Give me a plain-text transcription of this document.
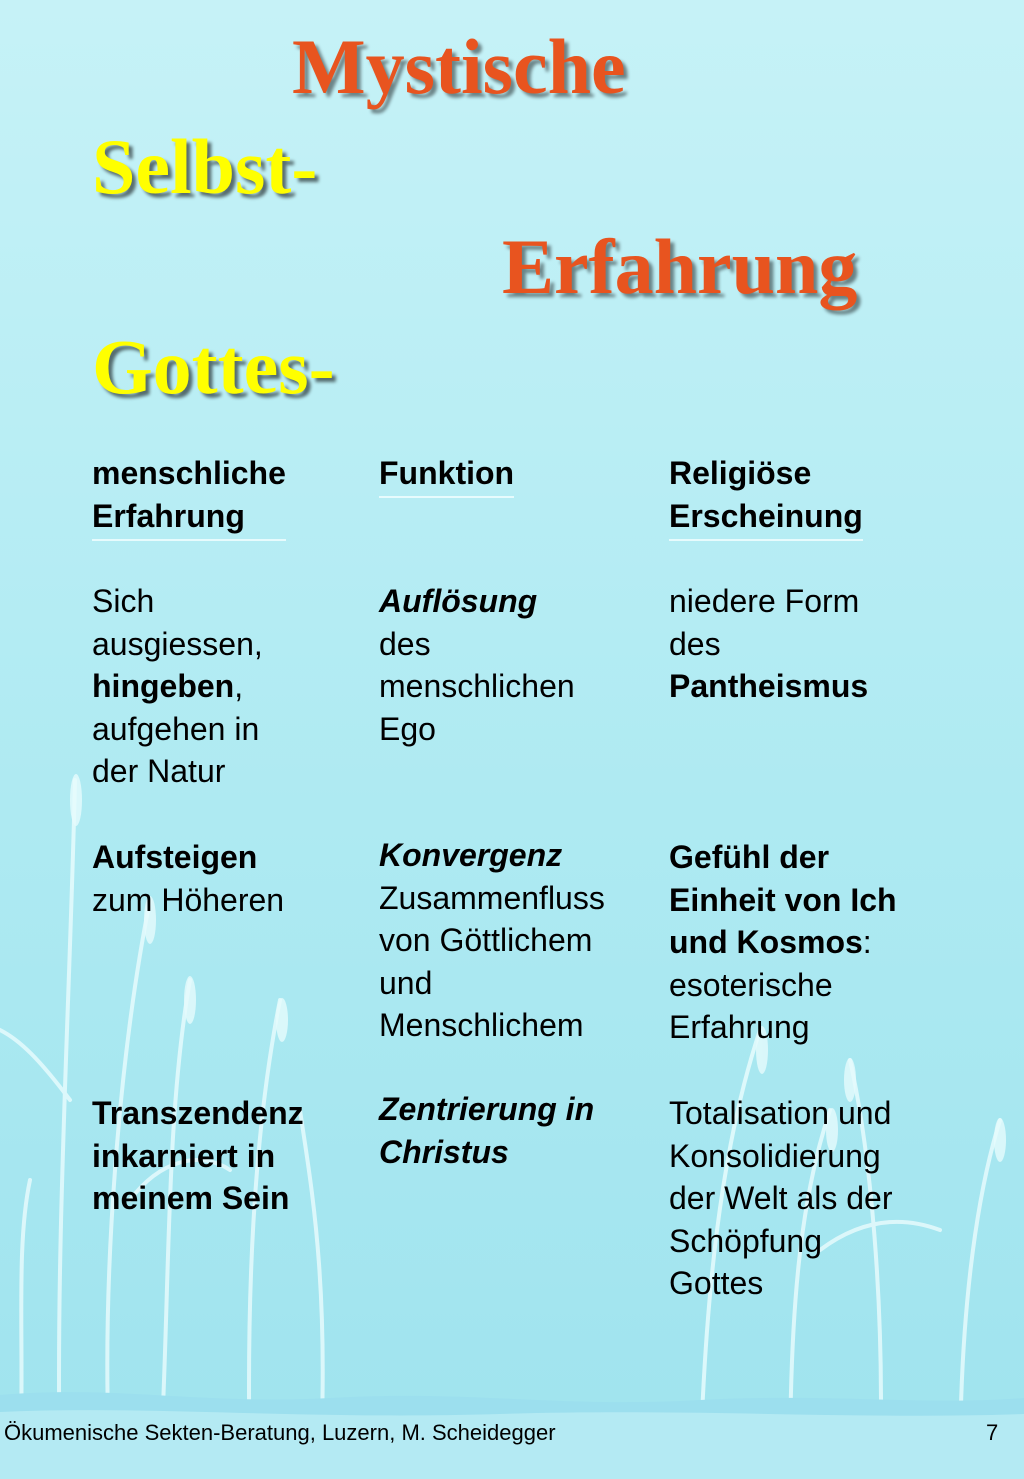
Mystische
Selbst-
Erfahrung
Gottes-
menschliche
Erfahrung
Sich
ausgiessen,
hingeben,
aufgehen in
der Natur
Aufsteigen
zum Höheren
Transzendenz
inkarniert in
meinem Sein
Funktion
Auflösung
des
menschlichen
Ego
Konvergenz
Zusammenfluss
von Göttlichem
und
Menschlichem
Zentrierung in
Christus
Religiöse
Erscheinung
niedere Form
des
Pantheismus
Gefühl der
Einheit von Ich
und Kosmos:
esoterische
Erfahrung
Totalisation und
Konsolidierung
der Welt als der
Schöpfung
Gottes
Ökumenische Sekten-Beratung, Luzern, M. Scheidegger	7
